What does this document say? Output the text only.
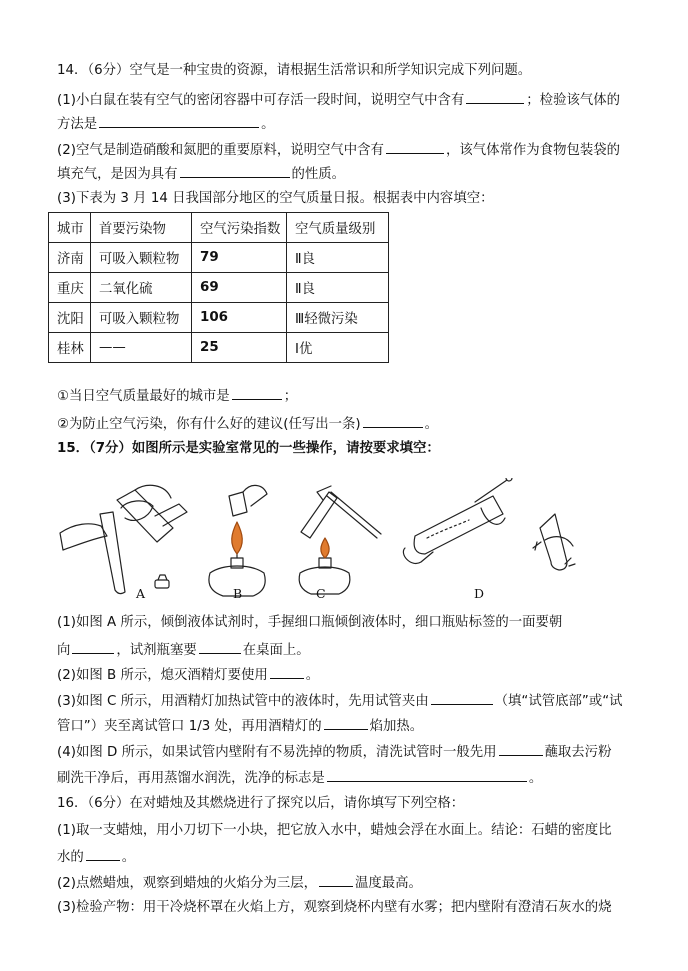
14．（6分）空气是一种宝贵的资源，请根据生活常识和所学知识完成下列问题。
(1)小白鼠在装有空气的密闭容器中可存活一段时间，说明空气中含有	；检验该气体的
方法是	。
(2)空气是制造硝酸和氮肥的重要原料，说明空气中含有	，该气体常作为食物包装袋的
填充气，是因为具有	的性质。
(3)下表为 3 月 14 日我国部分地区的空气质量日报。根据表中内容填空：
城市	首要污染物	空气污染指数	空气质量级别
济南	可吸入颗粒物	79	Ⅱ良
重庆	二氧化硫	69	Ⅱ良
沈阳	可吸入颗粒物	106	Ⅲ轻微污染
桂林	——	25	Ⅰ优
①当日空气质量最好的城市是	；
②为防止空气污染，你有什么好的建议(任写出一条)	。
15．（7分）如图所示是实验室常见的一些操作，请按要求填空：
A	B	C	D
(1)如图 A 所示，倾倒液体试剂时，手握细口瓶倾倒液体时，细口瓶贴标签的一面要朝
向	，试剂瓶塞要	在桌面上。
(2)如图 B 所示，熄灭酒精灯要使用	。
(3)如图 C 所示，用酒精灯加热试管中的液体时，先用试管夹由	（填“试管底部”或“试
管口”）夹至离试管口 1/3 处，再用酒精灯的	焰加热。
(4)如图 D 所示，如果试管内壁附有不易洗掉的物质，清洗试管时一般先用	蘸取去污粉
刷洗干净后，再用蒸馏水润洗，洗净的标志是	。
16．（6分）在对蜡烛及其燃烧进行了探究以后，请你填写下列空格：
(1)取一支蜡烛，用小刀切下一小块，把它放入水中，蜡烛会浮在水面上。结论：石蜡的密度比
水的	。
(2)点燃蜡烛，观察到蜡烛的火焰分为三层，	温度最高。
(3)检验产物：用干冷烧杯罩在火焰上方，观察到烧杯内壁有水雾；把内壁附有澄清石灰水的烧
